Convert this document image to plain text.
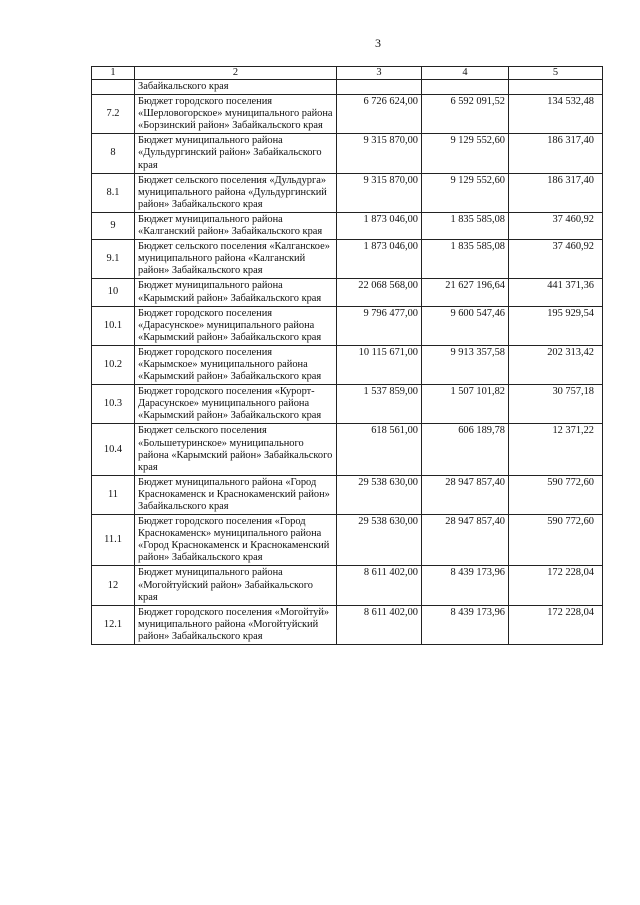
3
1	2	3	4	5
	Забайкальского края			
7.2	Бюджет городского поселения «Шерловогорское» муниципального района «Борзинский район» Забайкальского края	6 726 624,00	6 592 091,52	134 532,48
8	Бюджет муниципального района «Дульдургинский район» Забайкальского края	9 315 870,00	9 129 552,60	186 317,40
8.1	Бюджет сельского поселения «Дульдурга» муниципального района «Дульдургинский район» Забайкальского края	9 315 870,00	9 129 552,60	186 317,40
9	Бюджет муниципального района «Калганский район» Забайкальского края	1 873 046,00	1 835 585,08	37 460,92
9.1	Бюджет сельского поселения «Калганское» муниципального района «Калганский район» Забайкальского края	1 873 046,00	1 835 585,08	37 460,92
10	Бюджет муниципального района «Карымский район» Забайкальского края	22 068 568,00	21 627 196,64	441 371,36
10.1	Бюджет городского поселения «Дарасунское» муниципального района «Карымский район» Забайкальского края	9 796 477,00	9 600 547,46	195 929,54
10.2	Бюджет городского поселения «Карымское» муниципального района «Карымский район» Забайкальского края	10 115 671,00	9 913 357,58	202 313,42
10.3	Бюджет городского поселения «Курорт-Дарасунское» муниципального района «Карымский район» Забайкальского края	1 537 859,00	1 507 101,82	30 757,18
10.4	Бюджет сельского поселения «Большетуринское» муниципального района «Карымский район» Забайкальского края	618 561,00	606 189,78	12 371,22
11	Бюджет муниципального района «Город Краснокаменск и Краснокаменский район» Забайкальского края	29 538 630,00	28 947 857,40	590 772,60
11.1	Бюджет городского поселения «Город Краснокаменск» муниципального района «Город Краснокаменск и Краснокаменский район» Забайкальского края	29 538 630,00	28 947 857,40	590 772,60
12	Бюджет муниципального района «Могойтуйский район» Забайкальского края	8 611 402,00	8 439 173,96	172 228,04
12.1	Бюджет городского поселения «Могойтуй» муниципального района «Могойтуйский район» Забайкальского края	8 611 402,00	8 439 173,96	172 228,04
